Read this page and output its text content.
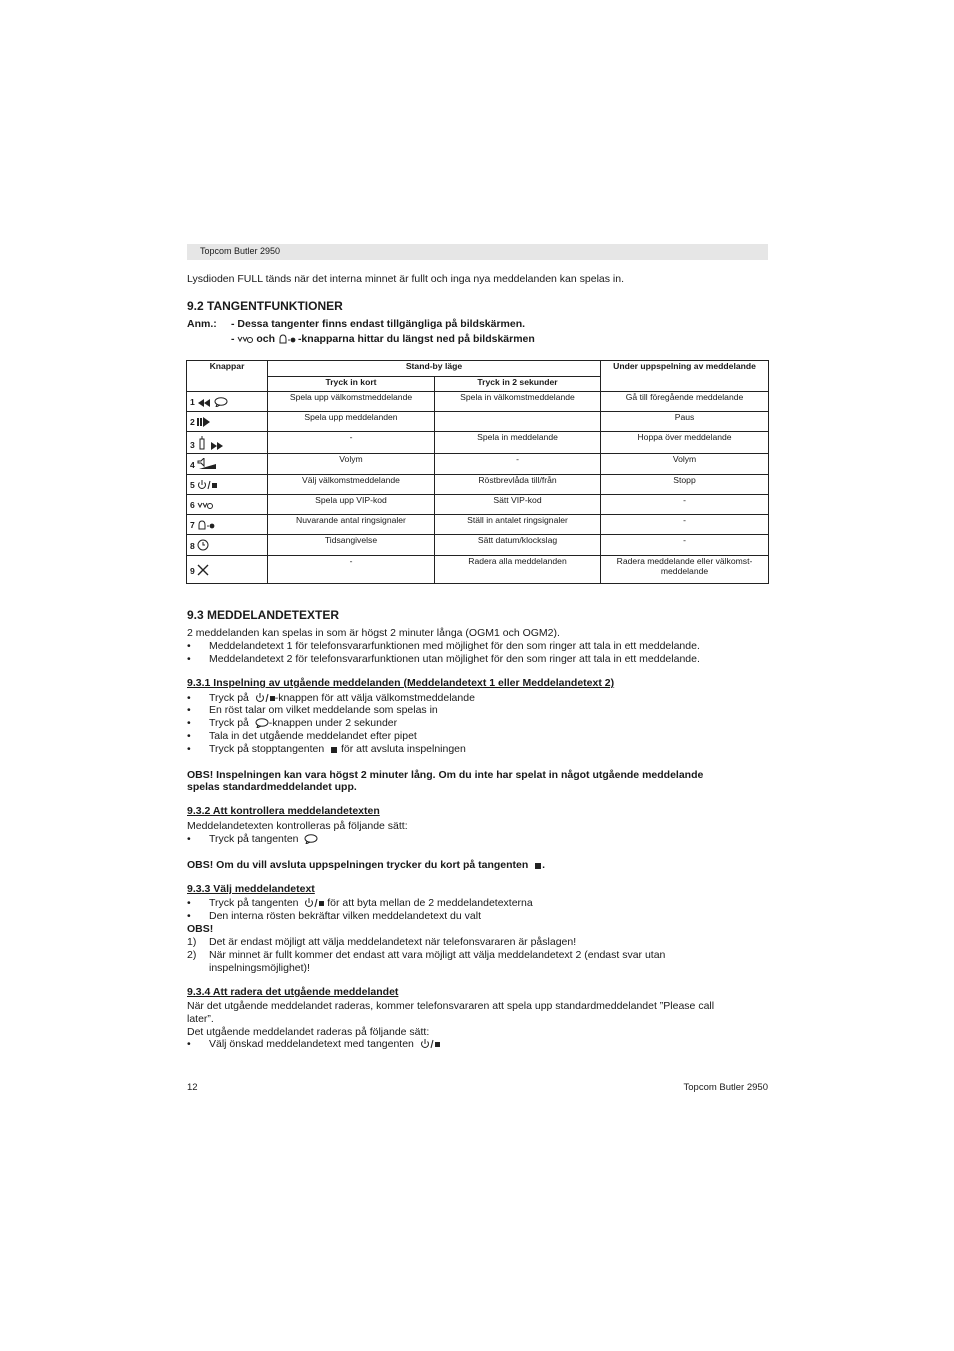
Topcom Butler 2950
Lysdioden FULL tänds när det interna minnet är fullt och inga nya meddelanden kan spelas in.
9.2 TANGENTFUNKTIONER
Anm.: - Dessa tangenter finns endast tillgängliga på bildskärmen.
- och -knapparna hittar du längst ned på bildskärmen
Knappar	Stand-by läge		Under uppspelning av meddelande
	Tryck in kort	Tryck in 2 sekunder	
1	Spela upp välkomstmeddelande	Spela in välkomstmeddelande	Gå till föregående meddelande
2	Spela upp meddelanden		Paus
3	-	Spela in meddelande	Hoppa över meddelande
4	Volym	-	Volym
5	Välj välkomstmeddelande	Röstbrevlåda till/från	Stopp
6	Spela upp VIP-kod	Sätt VIP-kod	-
7	Nuvarande antal ringsignaler	Ställ in antalet ringsignaler	-
8	Tidsangivelse	Sätt datum/klockslag	-
9	-	Radera alla meddelanden	Radera meddelande eller välkomst-meddelande
9.3 MEDDELANDETEXTER
2 meddelanden kan spelas in som är högst 2 minuter långa (OGM1 och OGM2).
• Meddelandetext 1 för telefonsvararfunktionen med möjlighet för den som ringer att tala in ett meddelande.
• Meddelandetext 2 för telefonsvararfunktionen utan möjlighet för den som ringer att tala in ett meddelande.
9.3.1 Inspelning av utgående meddelanden (Meddelandetext 1 eller Meddelandetext 2)
• Tryck på -knappen för att välja välkomstmeddelande
• En röst talar om vilket meddelande som spelas in
• Tryck på -knappen under 2 sekunder
• Tala in det utgående meddelandet efter pipet
• Tryck på stopptangenten för att avsluta inspelningen
OBS! Inspelningen kan vara högst 2 minuter lång. Om du inte har spelat in något utgående meddelande
spelas standardmeddelandet upp.
9.3.2 Att kontrollera meddelandetexten
Meddelandetexten kontrolleras på följande sätt:
• Tryck på tangenten
OBS! Om du vill avsluta uppspelningen trycker du kort på tangenten .
9.3.3 Välj meddelandetext
• Tryck på tangenten	för att byta mellan de 2 meddelandetexterna
• Den interna rösten bekräftar vilken meddelandetext du valt
OBS!
1) Det är endast möjligt att välja meddelandetext när telefonsvararen är påslagen!
2) När minnet är fullt kommer det endast att vara möjligt att välja meddelandetext 2 (endast svar utan
inspelningsmöjlighet)!
9.3.4 Att radera det utgående meddelandet
När det utgående meddelandet raderas, kommer telefonsvararen att spela upp standardmeddelandet ”Please call
later”.
Det utgående meddelandet raderas på följande sätt:
• Välj önskad meddelandetext med tangenten
12	Topcom Butler 2950
